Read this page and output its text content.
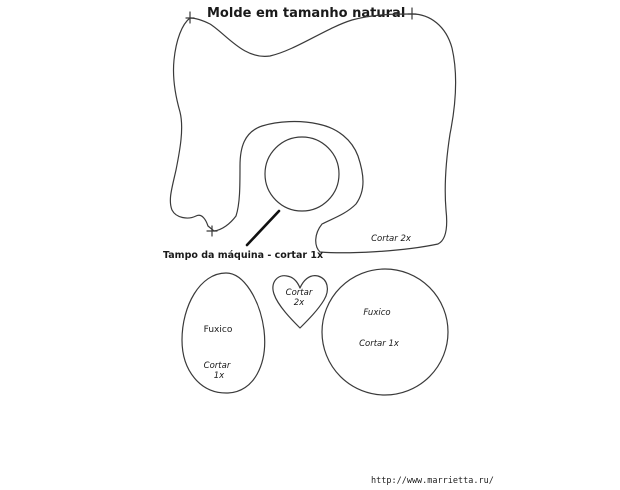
Molde em tamanho natural
Cortar 2x
Tampo da máquina - cortar 1x
Cortar
2x
Fuxico
Cortar
1x
Fuxico
Cortar 1x
http://www.marrietta.ru/
